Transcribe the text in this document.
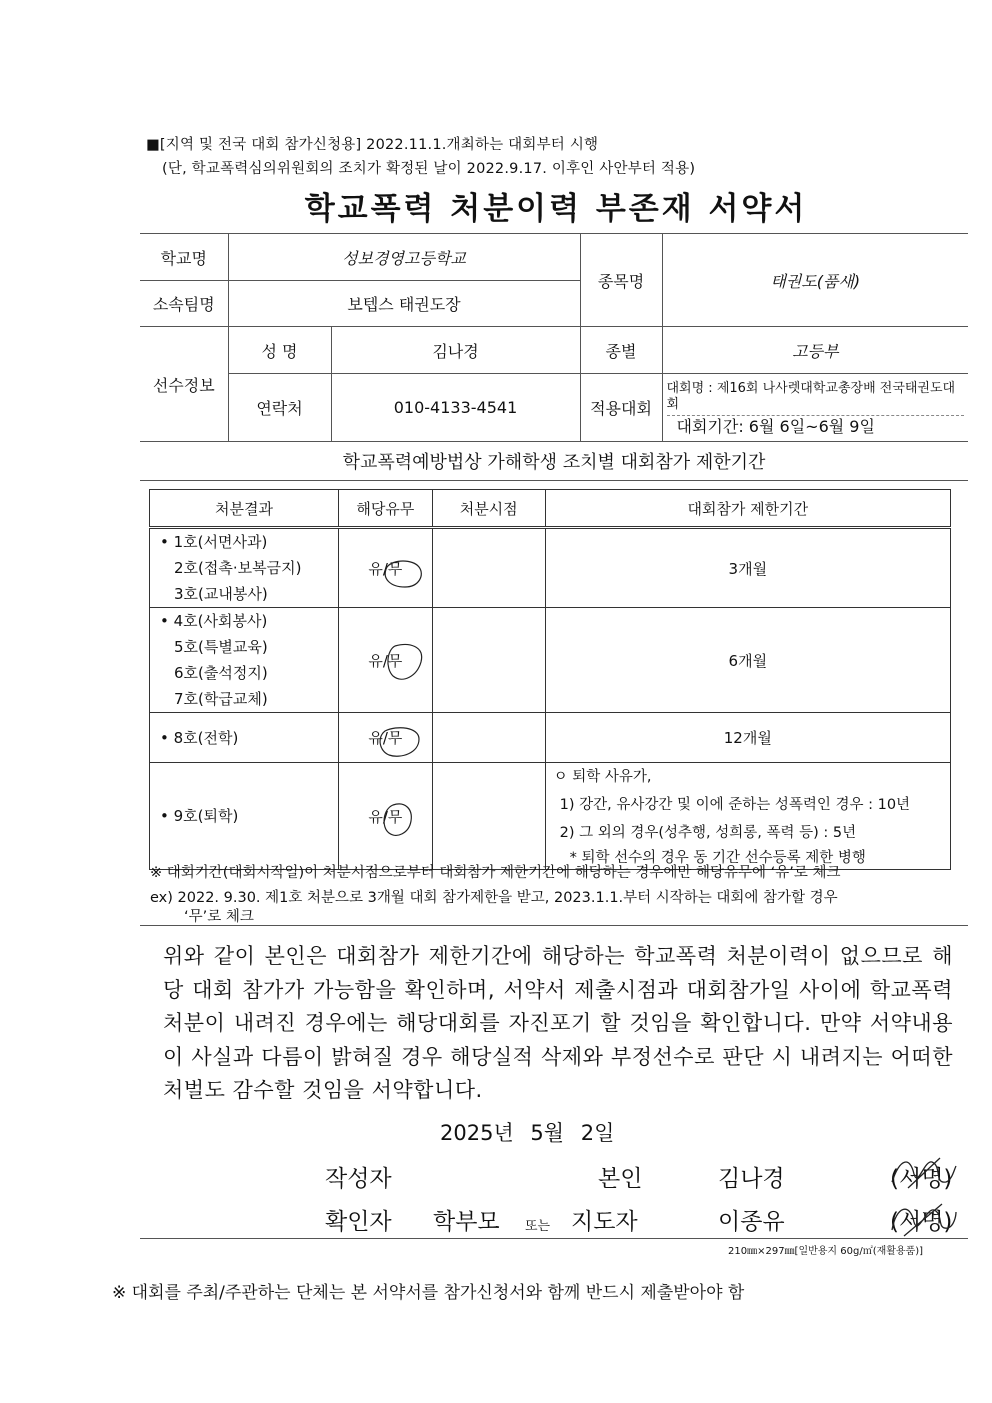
■[지역 및 전국 대회 참가신청용] 2022.11.1.개최하는 대회부터 시행
(단, 학교폭력심의위원회의 조치가 확정된 날이 2022.9.17. 이후인 사안부터 적용)
학교폭력 처분이력 부존재 서약서
학교명	성보경영고등학교		종목명	태권도(품새)
소속팀명	보텝스 태권도장			
선수정보	성 명	김나경	종별	고등부
	연락처	010-4133-4541	적용대회	대회명 : 제16회 나사렛대학교총장배 전국태권도대회
대회기간: 6월 6일~6월 9일
학교폭력예방법상 가해학생 조치별 대회참가 제한기간
처분결과	해당유무	처분시점	대회참가 제한기간

• 1호(서면사과)
2호(접촉·보복금지)
3호(교내봉사)	유/무		3개월

• 4호(사회봉사)
5호(특별교육)
6호(출석정지)
7호(학급교체)	유/무		6개월

• 8호(전학)	유/무		12개월

• 9호(퇴학)	유/무		ㅇ 퇴학 사유가,
1) 강간, 유사강간 및 이에 준하는 성폭력인 경우 : 10년
2) 그 외의 경우(성추행, 성희롱, 폭력 등) : 5년
* 퇴학 선수의 경우 동 기간 선수등록 제한 병행
※ 대회기간(대회시작일)이 처분시점으로부터 대회참가 제한기간에 해당하는 경우에만 해당유무에 ‘유’로 체크
ex) 2022. 9.30. 제1호 처분으로 3개월 대회 참가제한을 받고, 2023.1.1.부터 시작하는 대회에 참가할 경우
‘무’로 체크
위와 같이 본인은 대회참가 제한기간에 해당하는 학교폭력 처분이력이 없으므로 해당 대회 참가가 가능함을 확인하며, 서약서 제출시점과 대회참가일 사이에 학교폭력 처분이 내려진 경우에는 해당대회를 자진포기 할 것임을 확인합니다. 만약 서약내용이 사실과 다름이 밝혀질 경우 해당실적 삭제와 부정선수로 판단 시 내려지는 어떠한 처벌도 감수할 것임을 서약합니다.
2025년 5월 2일
작성자	본인	김나경	(서명)
확인자 학부모 또는 지도자	이종유	(서명)
210㎜×297㎜[일반용지 60g/㎡(재활용품)]
※ 대회를 주최/주관하는 단체는 본 서약서를 참가신청서와 함께 반드시 제출받아야 함
